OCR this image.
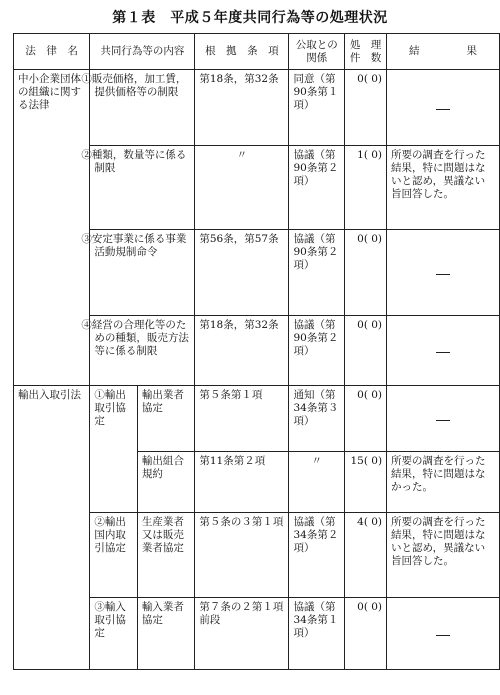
第１表　平成５年度共同行為等の処理状況
法　律　名	共同行為等の内容		根　拠　条　項	公取との関係	処　理　件　数	結 果

中小企業団体の組織に関する法律	①販売価格，加工賃，提供価格等の制限		第18条，第32条	同意（第90条第１項）	0( 0)	
	②種類，数量等に係る制限		〃	協議（第90条第２項）	1( 0)	所要の調査を行った結果，特に問題はないと認め，異議ない旨回答した。
	③安定事業に係る事業活動規制命令		第56条，第57条	協議（第90条第２項）	0( 0)	
	④経営の合理化等のための種類，販売方法等に係る制限		第18条，第32条	協議（第90条第２項）	0( 0)	
輸出入取引法	①輸出取引協定	輸出業者協定	第５条第１項	通知（第34条第３項）	0( 0)	
		輸出組合規約	第11条第２項	〃	15( 0)	所要の調査を行った結果，特に問題はなかった。
	②輸出国内取引協定	生産業者又は販売業者協定	第５条の３第１項	協議（第34条第２項）	4( 0)	所要の調査を行った結果，特に問題はないと認め，異議ない旨回答した。
	③輸入取引協定	輸入業者協定	第７条の２第１項前段	協議（第34条第１項）	0( 0)	
